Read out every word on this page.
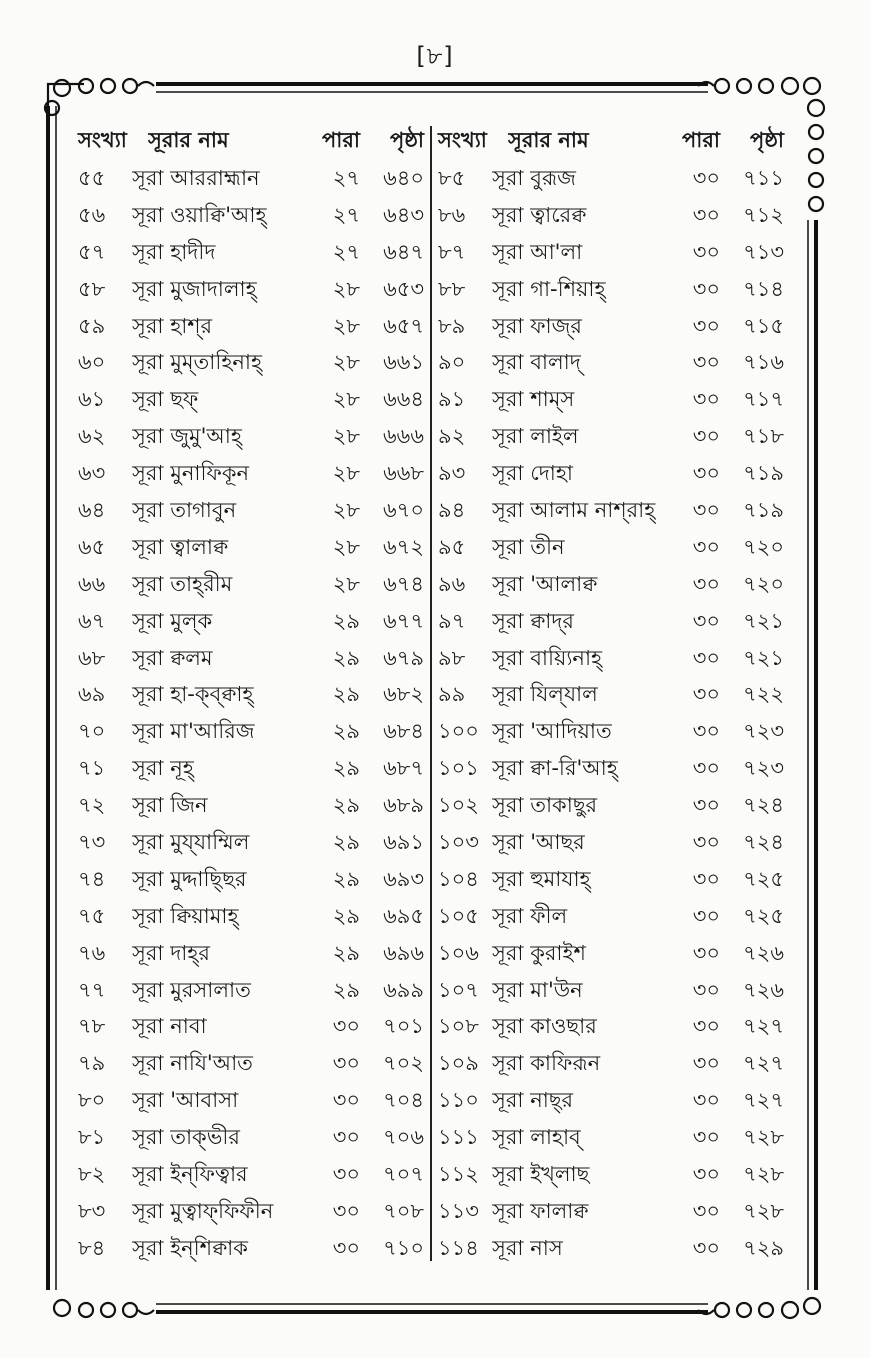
[৮]
সংখ্যা সূরার নাম	পারা	পৃষ্ঠা
৫৫	সূরা আররাহ্মান	২৭	৬৪০
৫৬	সূরা ওয়াক্বি'আহ্	২৭	৬৪৩
৫৭	সূরা হাদীদ	২৭	৬৪৭
৫৮	সূরা মুজাদালাহ্	২৮	৬৫৩
৫৯	সূরা হাশ্‌র	২৮	৬৫৭
৬০	সূরা মুম্‌তাহিনাহ্	২৮	৬৬১
৬১	সূরা ছফ্	২৮	৬৬৪
৬২	সূরা জুমু'আহ্	২৮	৬৬৬
৬৩	সূরা মুনাফিকূন	২৮	৬৬৮
৬৪	সূরা তাগাবুন	২৮	৬৭০
৬৫	সূরা ত্বালাক্ব	২৮	৬৭২
৬৬	সূরা তাহ্‌রীম	২৮	৬৭৪
৬৭	সূরা মুল্‌ক	২৯	৬৭৭
৬৮	সূরা ক্বলম	২৯	৬৭৯
৬৯	সূরা হা-ক্ব্ক্বাহ্	২৯	৬৮২
৭০	সূরা মা'আরিজ	২৯	৬৮৪
৭১	সূরা নূহ্	২৯	৬৮৭
৭২	সূরা জিন	২৯	৬৮৯
৭৩	সূরা মুয্‌যাম্মিল	২৯	৬৯১
৭৪	সূরা মুদ্দাছ্ছির	২৯	৬৯৩
৭৫	সূরা ক্বিয়ামাহ্	২৯	৬৯৫
৭৬	সূরা দাহ্‌র	২৯	৬৯৬
৭৭	সূরা মুরসালাত	২৯	৬৯৯
৭৮	সূরা নাবা	৩০	৭০১
৭৯	সূরা নাযি'আত	৩০	৭০২
৮০	সূরা 'আবাসা	৩০	৭০৪
৮১	সূরা তাক্‌ভীর	৩০	৭০৬
৮২	সূরা ইন্‌ফিত্বার	৩০	৭০৭
৮৩	সূরা মুত্বাফ্‌ফিফীন	৩০	৭০৮
৮৪	সূরা ইন্‌শিক্বাক	৩০	৭১০
সংখ্যা সূরার নাম	পারা	পৃষ্ঠা
৮৫	সূরা বুরূজ	৩০	৭১১
৮৬	সূরা ত্বারেক্ব	৩০	৭১২
৮৭	সূরা আ'লা	৩০	৭১৩
৮৮	সূরা গা-শিয়াহ্	৩০	৭১৪
৮৯	সূরা ফাজ্‌র	৩০	৭১৫
৯০	সূরা বালাদ্	৩০	৭১৬
৯১	সূরা শাম্‌স	৩০	৭১৭
৯২	সূরা লাইল	৩০	৭১৮
৯৩	সূরা দোহা	৩০	৭১৯
৯৪	সূরা আলাম নাশ্‌রাহ্	৩০	৭১৯
৯৫	সূরা তীন	৩০	৭২০
৯৬	সূরা 'আলাক্ব	৩০	৭২০
৯৭	সূরা ক্বাদ্‌র	৩০	৭২১
৯৮	সূরা বায়্যিনাহ্	৩০	৭২১
৯৯	সূরা যিল্‌যাল	৩০	৭২২
১০০ সূরা 'আদিয়াত	৩০	৭২৩
১০১ সূরা ক্বা-রি'আহ্	৩০	৭২৩
১০২ সূরা তাকাছুর	৩০	৭২৪
১০৩ সূরা 'আছর	৩০	৭২৪
১০৪ সূরা হুমাযাহ্	৩০	৭২৫
১০৫ সূরা ফীল	৩০	৭২৫
১০৬ সূরা কুরাইশ	৩০	৭২৬
১০৭ সূরা মা'উন	৩০	৭২৬
১০৮ সূরা কাওছার	৩০	৭২৭
১০৯ সূরা কাফিরূন	৩০	৭২৭
১১০ সূরা নাছ্‌র	৩০	৭২৭
১১১ সূরা লাহাব্	৩০	৭২৮
১১২ সূরা ইখ্‌লাছ	৩০	৭২৮
১১৩ সূরা ফালাক্ব	৩০	৭২৮
১১৪ সূরা নাস	৩০	৭২৯
